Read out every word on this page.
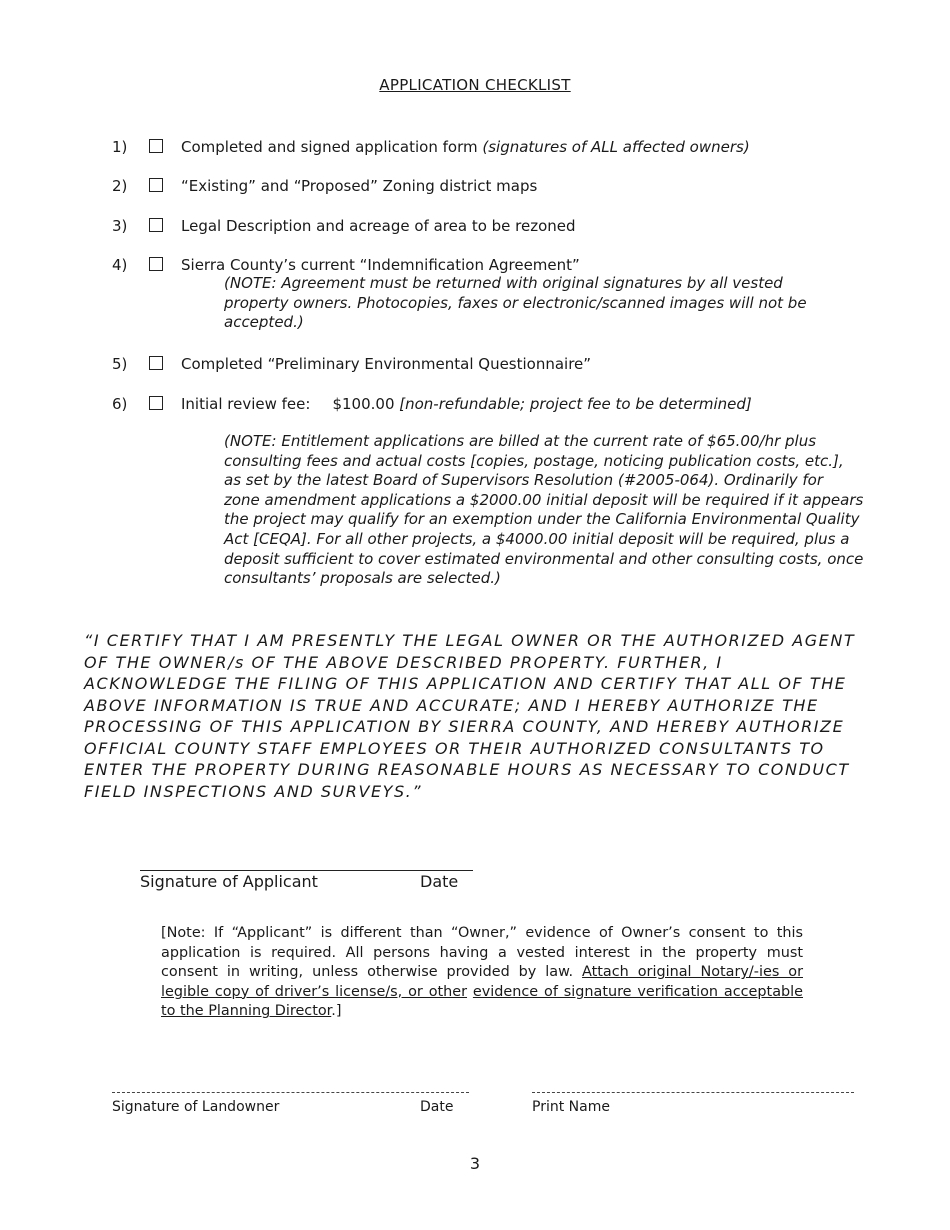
APPLICATION CHECKLIST
1)	Completed and signed application form (signatures of ALL affected owners)
2)	“Existing” and “Proposed” Zoning district maps
3)	Legal Description and acreage of area to be rezoned
4)	Sierra County’s current “Indemnification Agreement”
(NOTE: Agreement must be returned with original signatures by all vested
property owners. Photocopies, faxes or electronic/scanned images will not be
accepted.)
5)	Completed “Preliminary Environmental Questionnaire”
6)	Initial review fee: $100.00 [non-refundable; project fee to be determined]
(NOTE: Entitlement applications are billed at the current rate of $65.00/hr plus
consulting fees and actual costs [copies, postage, noticing publication costs, etc.],
as set by the latest Board of Supervisors Resolution (#2005-064). Ordinarily for
zone amendment applications a $2000.00 initial deposit will be required if it appears
the project may qualify for an exemption under the California Environmental Quality
Act [CEQA]. For all other projects, a $4000.00 initial deposit will be required, plus a
deposit sufficient to cover estimated environmental and other consulting costs, once
consultants’ proposals are selected.)
“I CERTIFY THAT I AM PRESENTLY THE LEGAL OWNER OR THE AUTHORIZED AGENT
OF THE OWNER/s OF THE ABOVE DESCRIBED PROPERTY. FURTHER, I
ACKNOWLEDGE THE FILING OF THIS APPLICATION AND CERTIFY THAT ALL OF THE
ABOVE INFORMATION IS TRUE AND ACCURATE; AND I HEREBY AUTHORIZE THE
PROCESSING OF THIS APPLICATION BY SIERRA COUNTY, AND HEREBY AUTHORIZE
OFFICIAL COUNTY STAFF EMPLOYEES OR THEIR AUTHORIZED CONSULTANTS TO
ENTER THE PROPERTY DURING REASONABLE HOURS AS NECESSARY TO CONDUCT
FIELD INSPECTIONS AND SURVEYS.”
Signature of Applicant	Date
[Note: If “Applicant” is different than “Owner,” evidence of Owner’s consent to this application is required. All persons having a vested interest in the property must consent in writing, unless otherwise provided by law. Attach original Notary/-ies or legible copy of driver’s license/s, or other evidence of signature verification acceptable to the Planning Director.]
Signature of Landowner	Date	Print Name
3
